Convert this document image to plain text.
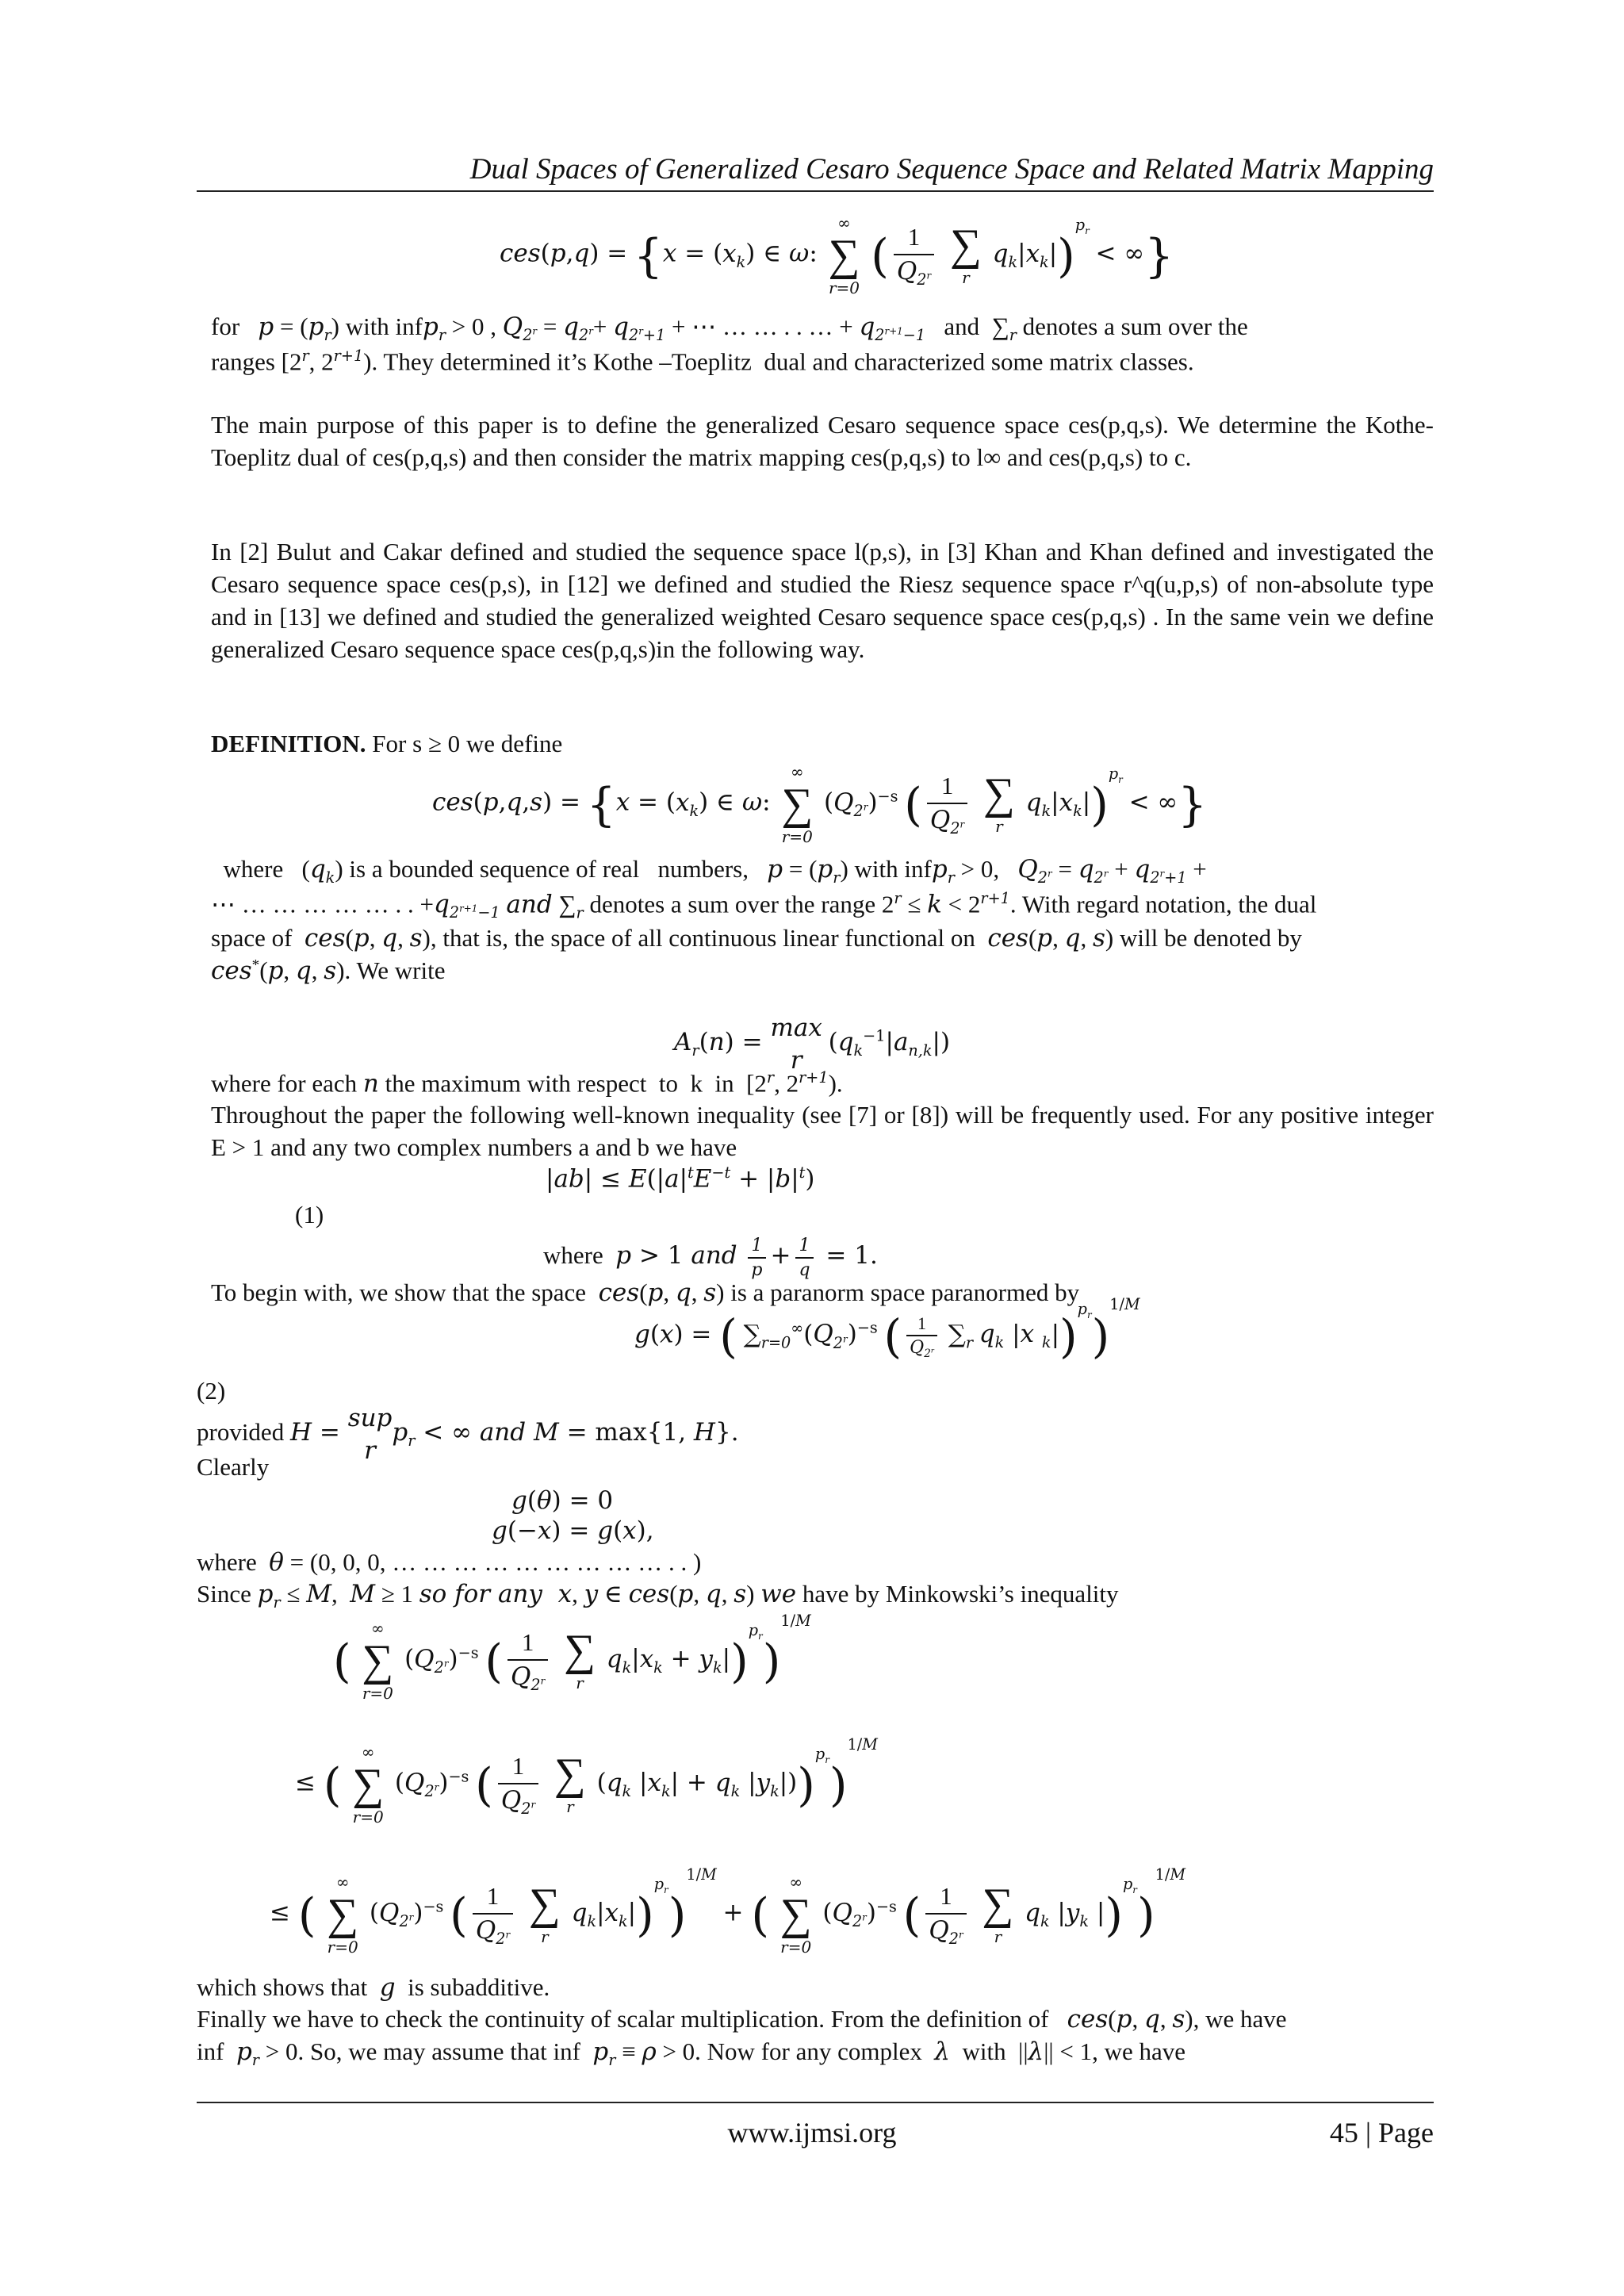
Dual Spaces of Generalized Cesaro Sequence Space and Related Matrix Mapping
$ces(p,q) = \{x = (x_k)$ ∈ ω:
∞
∑
r=0
( $\frac{1}{Q_{2^r}}$
∑
r
$q_k|x_k|)^{p_r}$ < ∞}
for   $p = (p_r)$ with infp$_r$ > 0 , $Q_{2^r} = q_{2^r}+ q_{2^r+1}$ + ⋯ … … . . … + $q_{2^{r+1}-1}$   and  $\sum_r$ denotes a sum over the
ranges [2$^r$, $2^{r+1}$). They determined it’s Kothe –Toeplitz  dual and characterized some matrix classes.
The main purpose of this paper is to define the generalized Cesaro sequence space ces(p,q,s). We determine the Kothe-Toeplitz dual of ces(p,q,s) and then consider the matrix mapping ces(p,q,s) to l∞ and ces(p,q,s) to c.
In [2] Bulut and Cakar defined and studied the sequence space l(p,s), in [3] Khan and Khan defined and investigated the Cesaro sequence space ces(p,s), in [12] we defined and studied the Riesz sequence space r^q(u,p,s) of non-absolute type and in [13] we defined and studied the generalized weighted Cesaro sequence space ces(p,q,s) . In the same vein we define generalized Cesaro sequence space ces(p,q,s)in the following way.
DEFINITION. For s ≥ 0 we define
$ces(p,q,s) = \{x = (x_k)$ ∈ ω:
∞
∑
r=0
$(Q_{2^r})^{-s}$ ( $\frac{1}{Q_{2^r}}$
∑
r
$q_k|x_k|)^{p_r}$ < ∞}
where   $(q_k)$ is a bounded sequence of real   numbers,   $p = (p_r)$ with infp$_r$ > 0,   $Q_{2^r} = q_{2^r} + q_{2^r+1}$ +
⋯ … … … … … . . $+q_{2^{r+1}-1}$ and $\sum_r$ denotes a sum over the range $2^r \le k < 2^{r+1}$. With regard notation, the dual
space of  ces(p, q, s), that is, the space of all continuous linear functional on  ces(p, q, s) will be denoted by
ces*(p, q, s). We write
$A_r(n)$ =
max
r
$(q_k^{-1}|a_{n,k}|)$
where for each n the maximum with respect  to  k  in  [2$^r$, $2^{r+1}$).
Throughout the paper the following well-known inequality (see [7] or [8]) will be frequently used. For any positive integer E > 1 and any two complex numbers a and b we have
$|ab| \le E(|a|^tE^{-t} + |b|^t)$
(1)
where p > 1 and $\frac{1}{p} + \frac{1}{q} = 1$.
To begin with, we show that the space  ces(p, q, s) is a paranorm space paranormed by
g(x) = ( $\sum_{r=0}^\infty(Q_{2^r})^{-s}$ ( $\frac{1}{Q_{2^r}} \sum_r$ $q_k$ |x $_k$|)$^{p_r}$)$^{1/M}$
(2)
provided H =
sup
r
$p_r$ < ∞ and M = max{1, H}.
Clearly
g(θ) = 0
g(−x) = g(x),
where  θ = (0, 0, 0, … … … … … … … … … . . )
Since $p_r \le M$,  M ≥ 1 so for any  x, y ∈ ces(p, q, s) we have by Minkowski’s inequality
(
∞
∑
r=0
$(Q_{2^r})^{-s}$ ( $\frac{1}{Q_{2^r}}$
∑
r
$q_k|x_k + y_k|)^{p_r})^{1/M}$
≤ (
∞
∑
r=0
$(Q_{2^r})^{-s}$ ( $\frac{1}{Q_{2^r}}$
∑
r
($q_k$ $|x_k| + q_k$ $|y_k|))^{p_r})^{1/M}$
≤ (
∞
∑
r=0
$(Q_{2^r})^{-s}$ ( $\frac{1}{Q_{2^r}}$
∑
r
$q_k|x_k|)^{p_r})^{1/M}$ + (
∞
∑
r=0
$(Q_{2^r})^{-s}$ ( $\frac{1}{Q_{2^r}}$
∑
r
$q_k$ $|y_k$ |)$^{p_r}$)$^{1/M}$
which shows that  g  is subadditive.
Finally we have to check the continuity of scalar multiplication. From the definition of   ces(p, q, s), we have
inf  $p_r > 0$. So, we may assume that inf  $p_r \equiv \rho > 0$. Now for any complex  λ  with  ||λ|| < 1, we have
www.ijmsi.org	45 | Page
